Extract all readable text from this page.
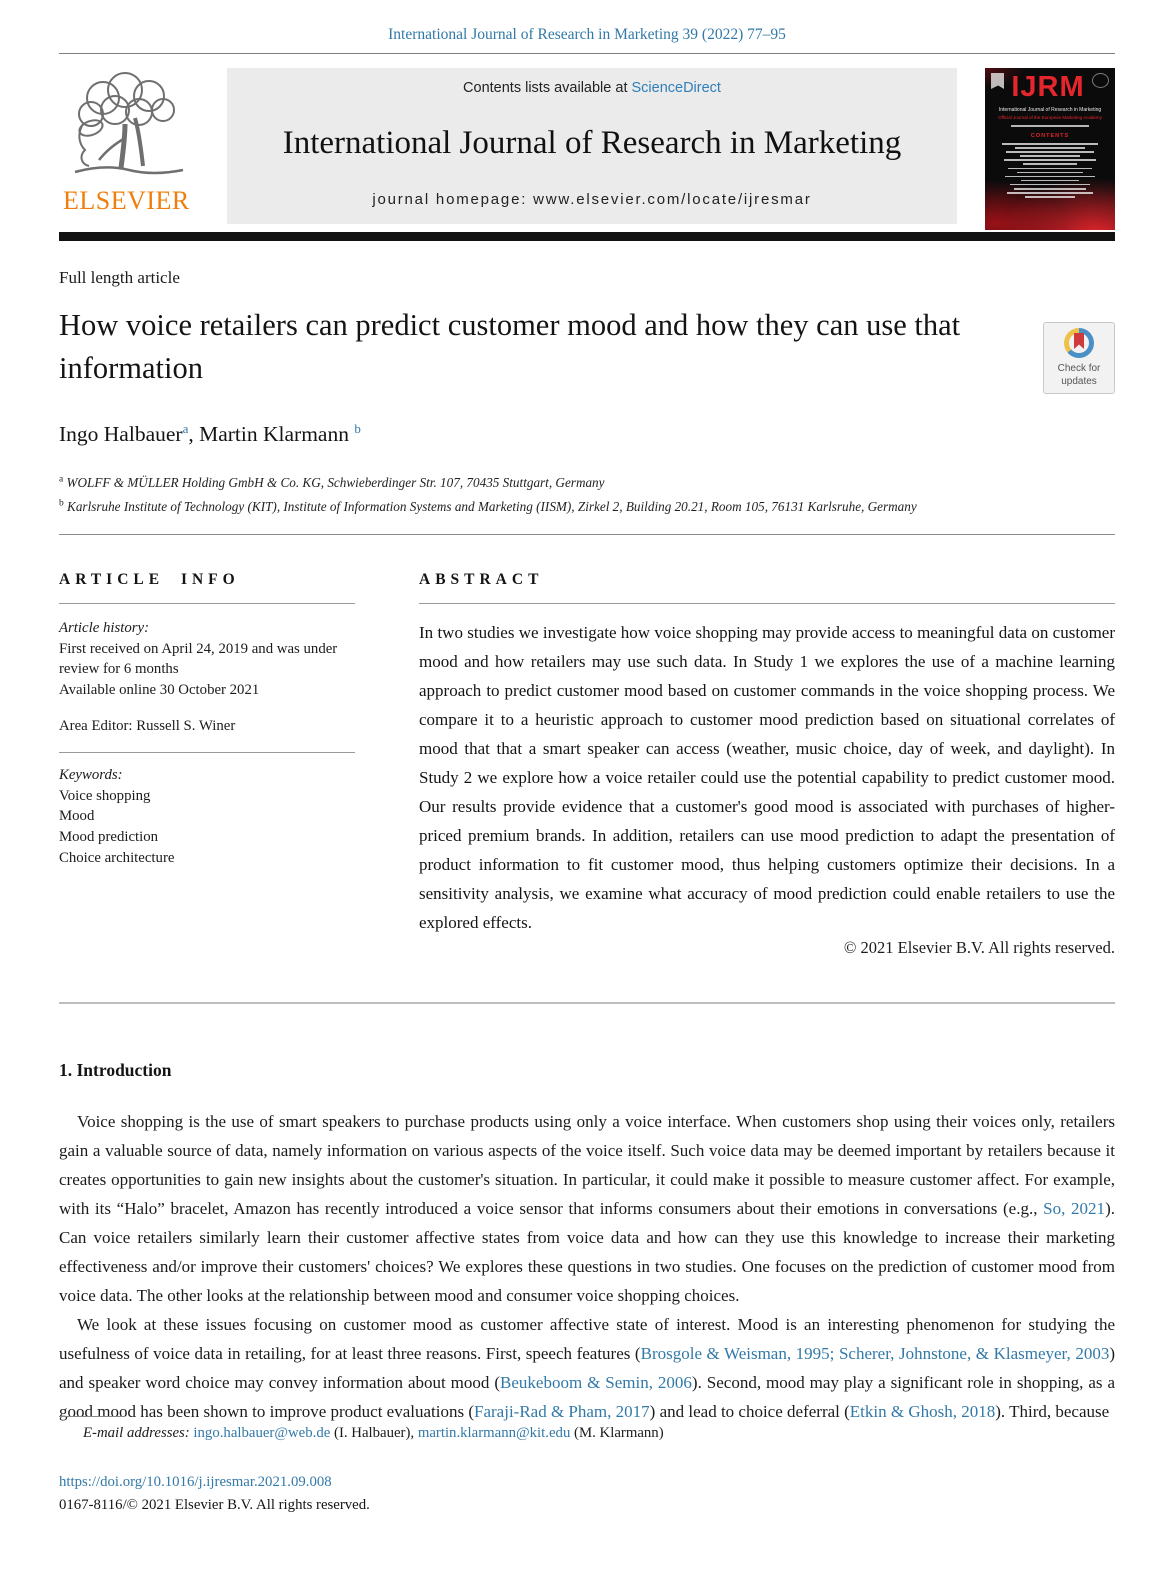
International Journal of Research in Marketing 39 (2022) 77–95
ELSEVIER
Contents lists available at ScienceDirect
International Journal of Research in Marketing
journal homepage: www.elsevier.com/locate/ijresmar
IJRM
International Journal of Research in Marketing
Official Journal of the European Marketing Academy
CONTENTS
Full length article
How voice retailers can predict customer mood and how they can use that information	Check for updates
Ingo Halbauer$^a$, Martin Klarmann $^b$
$^a$ WOLFF & MÜLLER Holding GmbH & Co. KG, Schwieberdinger Str. 107, 70435 Stuttgart, Germany
$^b$ Karlsruhe Institute of Technology (KIT), Institute of Information Systems and Marketing (IISM), Zirkel 2, Building 20.21, Room 105, 76131 Karlsruhe, Germany
ARTICLE INFO
Article history:
First received on April 24, 2019 and was under review for 6 months
Available online 30 October 2021
Area Editor: Russell S. Winer
Keywords:
Voice shopping
Mood
Mood prediction
Choice architecture
ABSTRACT
In two studies we investigate how voice shopping may provide access to meaningful data on customer mood and how retailers may use such data. In Study 1 we explores the use of a machine learning approach to predict customer mood based on customer commands in the voice shopping process. We compare it to a heuristic approach to customer mood prediction based on situational correlates of mood that that a smart speaker can access (weather, music choice, day of week, and daylight). In Study 2 we explore how a voice retailer could use the potential capability to predict customer mood. Our results provide evidence that a customer's good mood is associated with purchases of higher-priced premium brands. In addition, retailers can use mood prediction to adapt the presentation of product information to fit customer mood, thus helping customers optimize their decisions. In a sensitivity analysis, we examine what accuracy of mood prediction could enable retailers to use the explored effects.
© 2021 Elsevier B.V. All rights reserved.
1. Introduction

Voice shopping is the use of smart speakers to purchase products using only a voice interface. When customers shop using their voices only, retailers gain a valuable source of data, namely information on various aspects of the voice itself. Such voice data may be deemed important by retailers because it creates opportunities to gain new insights about the customer's situation. In particular, it could make it possible to measure customer affect. For example, with its “Halo” bracelet, Amazon has recently introduced a voice sensor that informs consumers about their emotions in conversations (e.g., So, 2021). Can voice retailers similarly learn their customer affective states from voice data and how can they use this knowledge to increase their marketing effectiveness and/or improve their customers' choices? We explores these questions in two studies. One focuses on the prediction of customer mood from voice data. The other looks at the relationship between mood and consumer voice shopping choices.

We look at these issues focusing on customer mood as customer affective state of interest. Mood is an interesting phenomenon for studying the usefulness of voice data in retailing, for at least three reasons. First, speech features (Brosgole & Weisman, 1995; Scherer, Johnstone, & Klasmeyer, 2003) and speaker word choice may convey information about mood (Beukeboom & Semin, 2006). Second, mood may play a significant role in shopping, as a good mood has been shown to improve product evaluations (Faraji-Rad & Pham, 2017) and lead to choice deferral (Etkin & Ghosh, 2018). Third, because

E-mail addresses: ingo.halbauer@web.de (I. Halbauer), martin.klarmann@kit.edu (M. Klarmann)
https://doi.org/10.1016/j.ijresmar.2021.09.008
0167-8116/© 2021 Elsevier B.V. All rights reserved.
